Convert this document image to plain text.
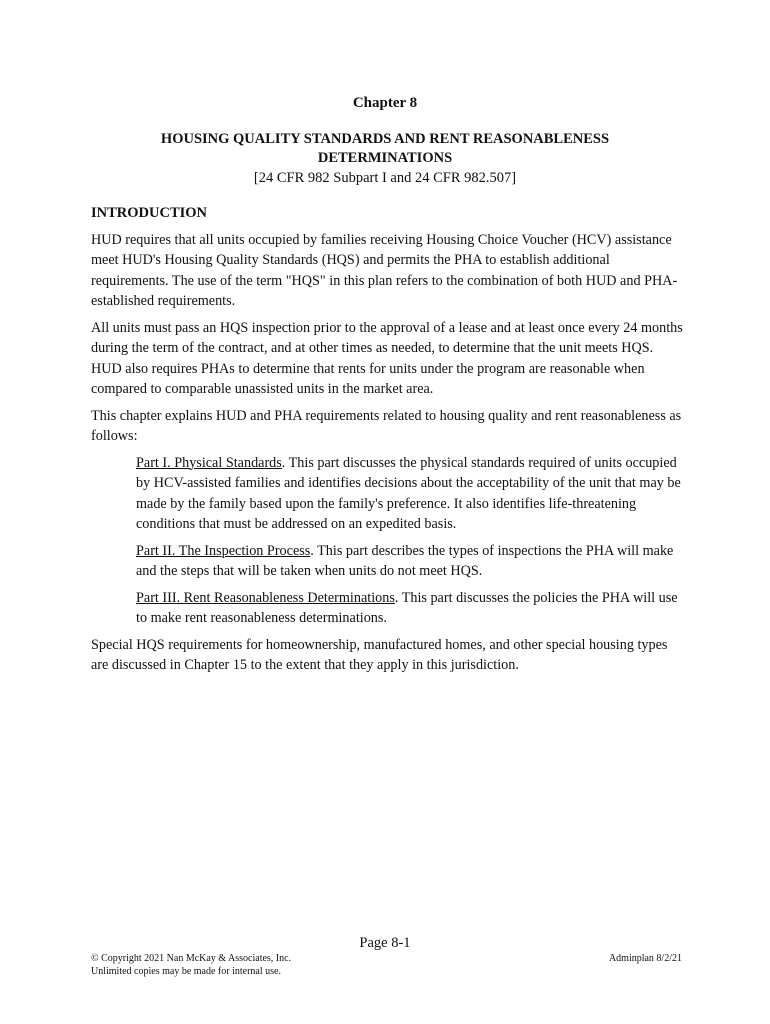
Chapter 8
HOUSING QUALITY STANDARDS AND RENT REASONABLENESS DETERMINATIONS
[24 CFR 982 Subpart I and 24 CFR 982.507]
INTRODUCTION

HUD requires that all units occupied by families receiving Housing Choice Voucher (HCV) assistance meet HUD's Housing Quality Standards (HQS) and permits the PHA to establish additional requirements. The use of the term "HQS" in this plan refers to the combination of both HUD and PHA-established requirements.

All units must pass an HQS inspection prior to the approval of a lease and at least once every 24 months during the term of the contract, and at other times as needed, to determine that the unit meets HQS. HUD also requires PHAs to determine that rents for units under the program are reasonable when compared to comparable unassisted units in the market area.

This chapter explains HUD and PHA requirements related to housing quality and rent reasonableness as follows:

Part I. Physical Standards. This part discusses the physical standards required of units occupied by HCV-assisted families and identifies decisions about the acceptability of the unit that may be made by the family based upon the family's preference. It also identifies life-threatening conditions that must be addressed on an expedited basis.

Part II. The Inspection Process. This part describes the types of inspections the PHA will make and the steps that will be taken when units do not meet HQS.

Part III. Rent Reasonableness Determinations. This part discusses the policies the PHA will use to make rent reasonableness determinations.

Special HQS requirements for homeownership, manufactured homes, and other special housing types are discussed in Chapter 15 to the extent that they apply in this jurisdiction.

Page 8-1
© Copyright 2021 Nan McKay & Associates, Inc.
Unlimited copies may be made for internal use.
Adminplan 8/2/21
